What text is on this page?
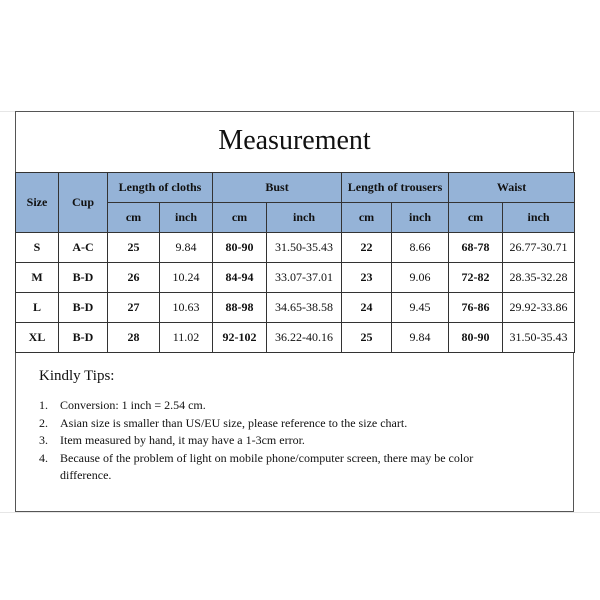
Measurement
Size	Cup	Length of cloths		Bust		Length of trousers		Waist	
		cm	inch	cm	inch	cm	inch	cm	inch
S	A-C	25	9.84	80-90	31.50-35.43	22	8.66	68-78	26.77-30.71
M	B-D	26	10.24	84-94	33.07-37.01	23	9.06	72-82	28.35-32.28
L	B-D	27	10.63	88-98	34.65-38.58	24	9.45	76-86	29.92-33.86
XL	B-D	28	11.02	92-102	36.22-40.16	25	9.84	80-90	31.50-35.43
Kindly Tips:
1. Conversion: 1 inch = 2.54 cm.
2. Asian size is smaller than US/EU size, please reference to the size chart.
3. Item measured by hand, it may have a 1-3cm error.
4. Because of the problem of light on mobile phone/computer screen, there may be color difference.
